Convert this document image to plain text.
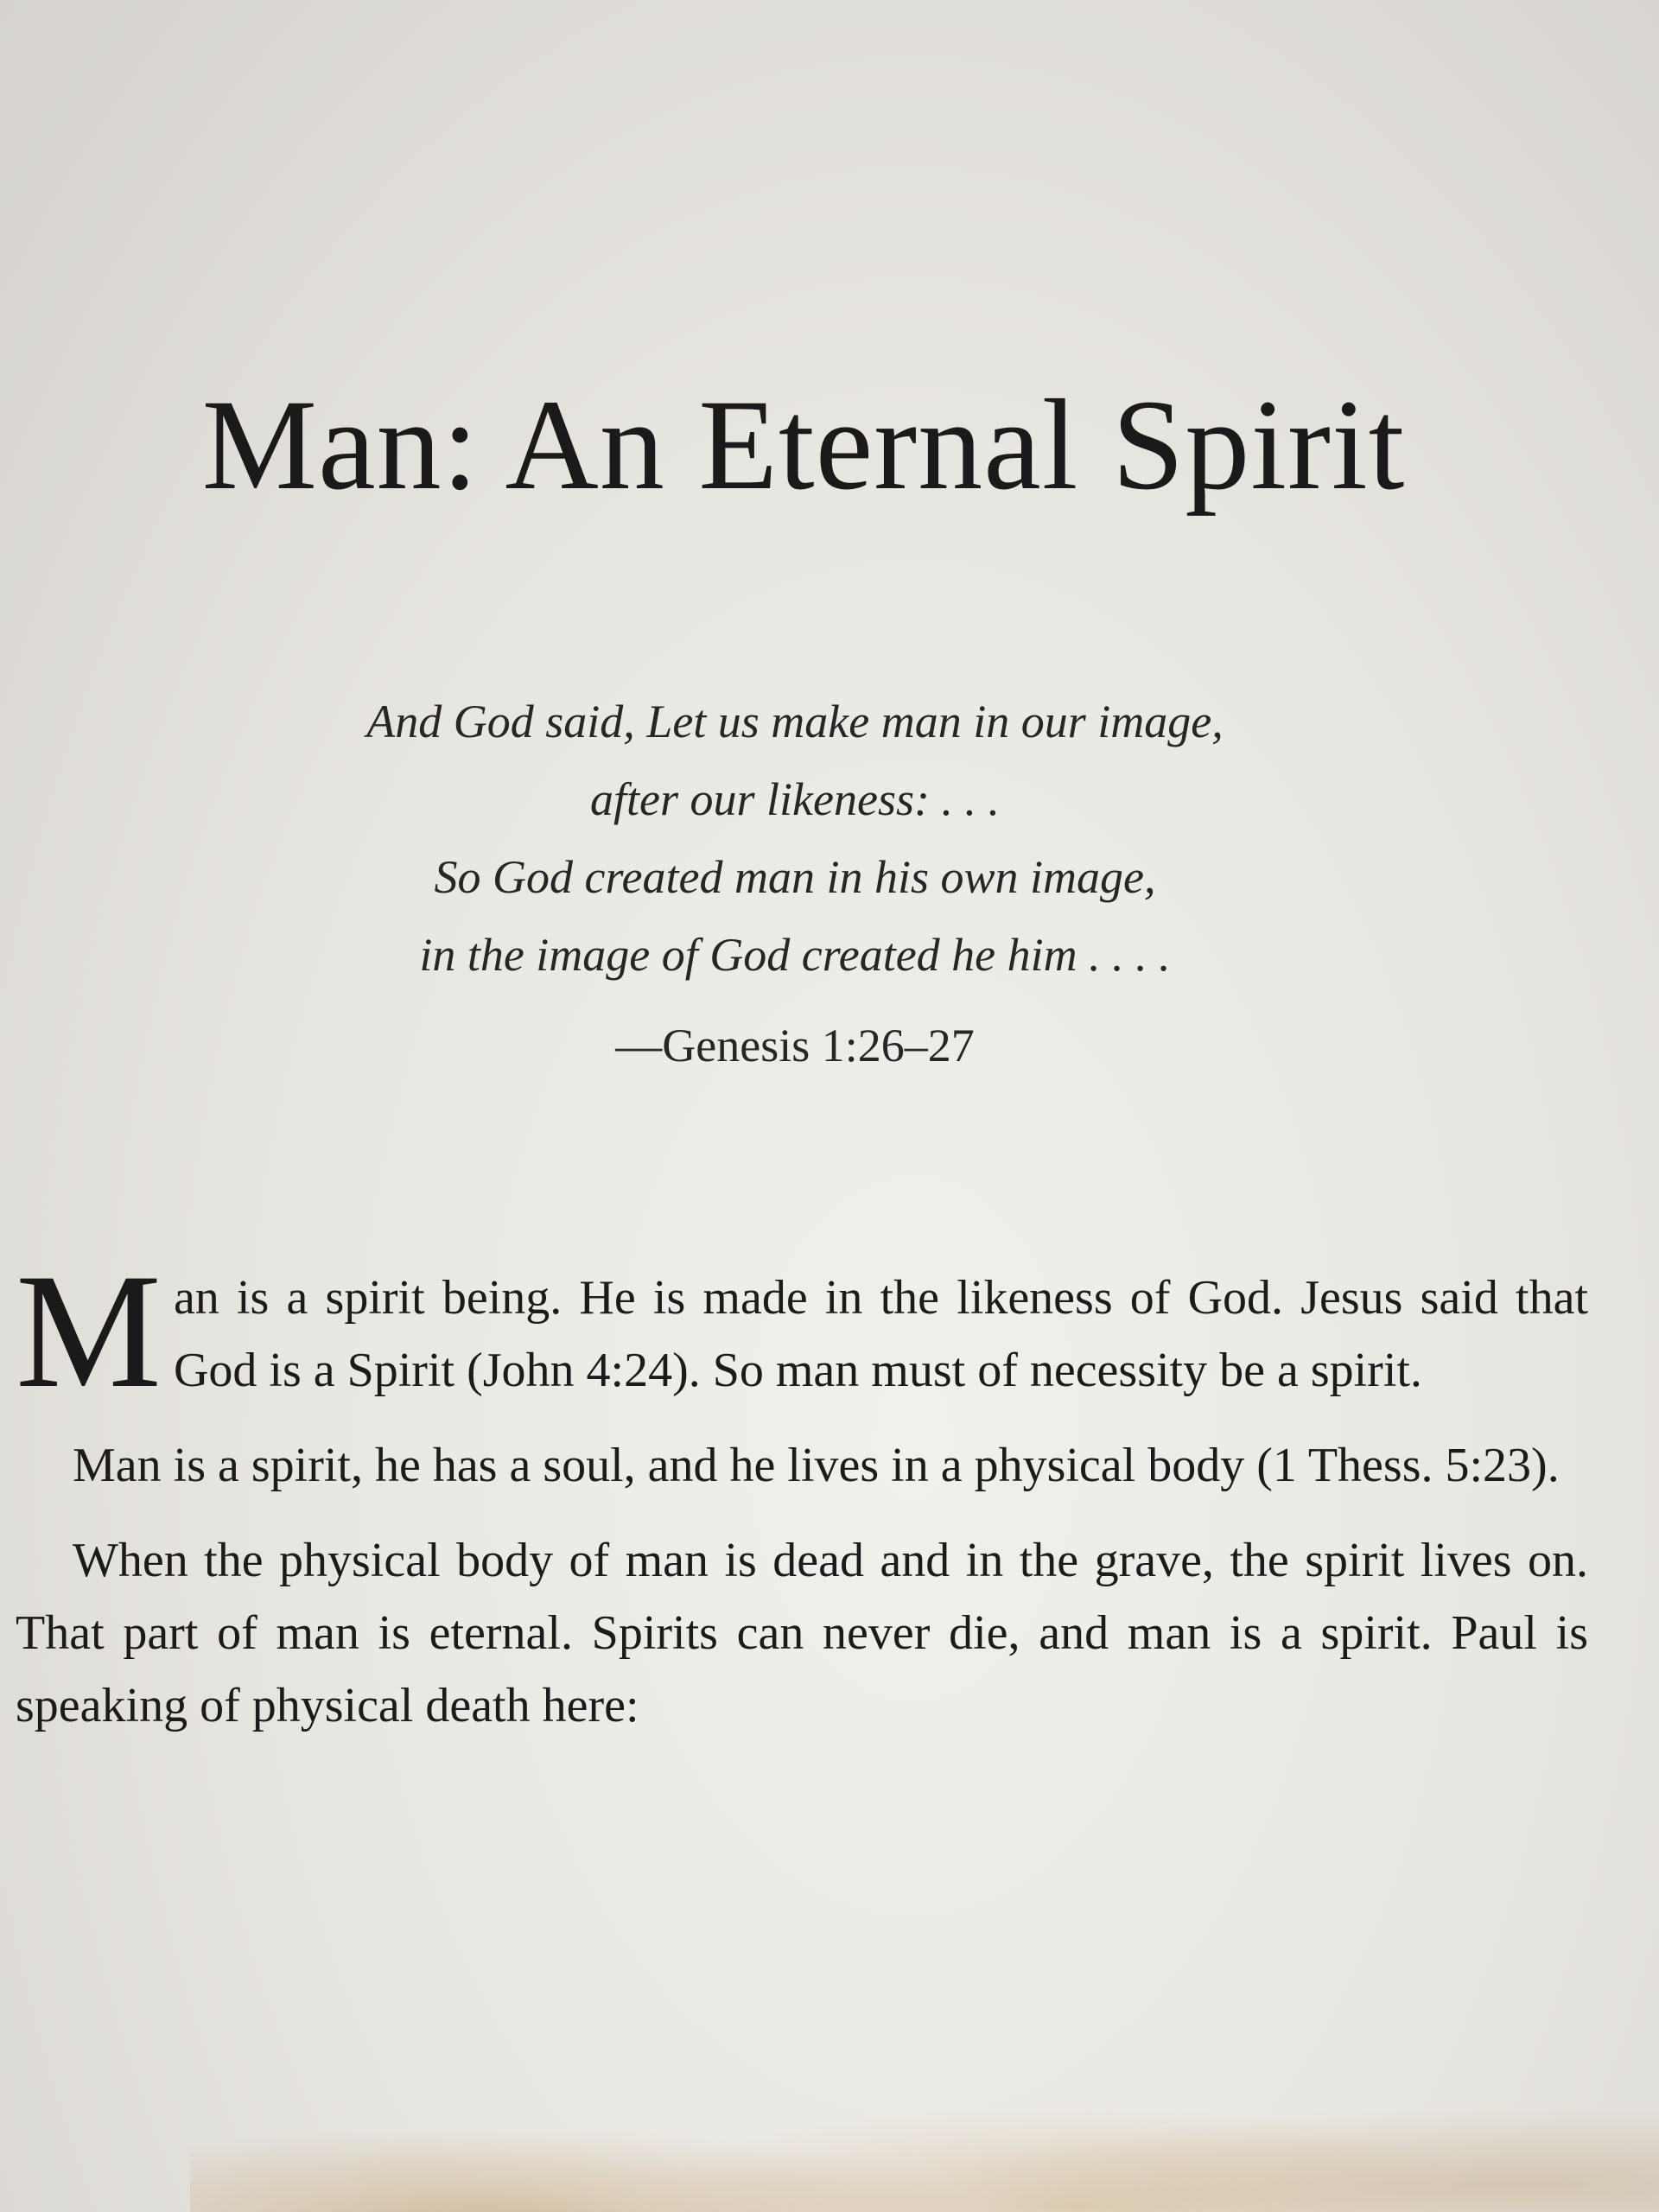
Man: An Eternal Spirit
And God said, Let us make man in our image,
after our likeness: . . .
So God created man in his own image,
in the image of God created he him . . . .
—Genesis 1:26–27

Man is a spirit being. He is made in the likeness of God. Jesus said that God is a Spirit (John 4:24). So man must of necessity be a spirit.

Man is a spirit, he has a soul, and he lives in a physical body (1 Thess. 5:23).

When the physical body of man is dead and in the grave, the spirit lives on. That part of man is eternal. Spirits can never die, and man is a spirit. Paul is speaking of physical death here:
